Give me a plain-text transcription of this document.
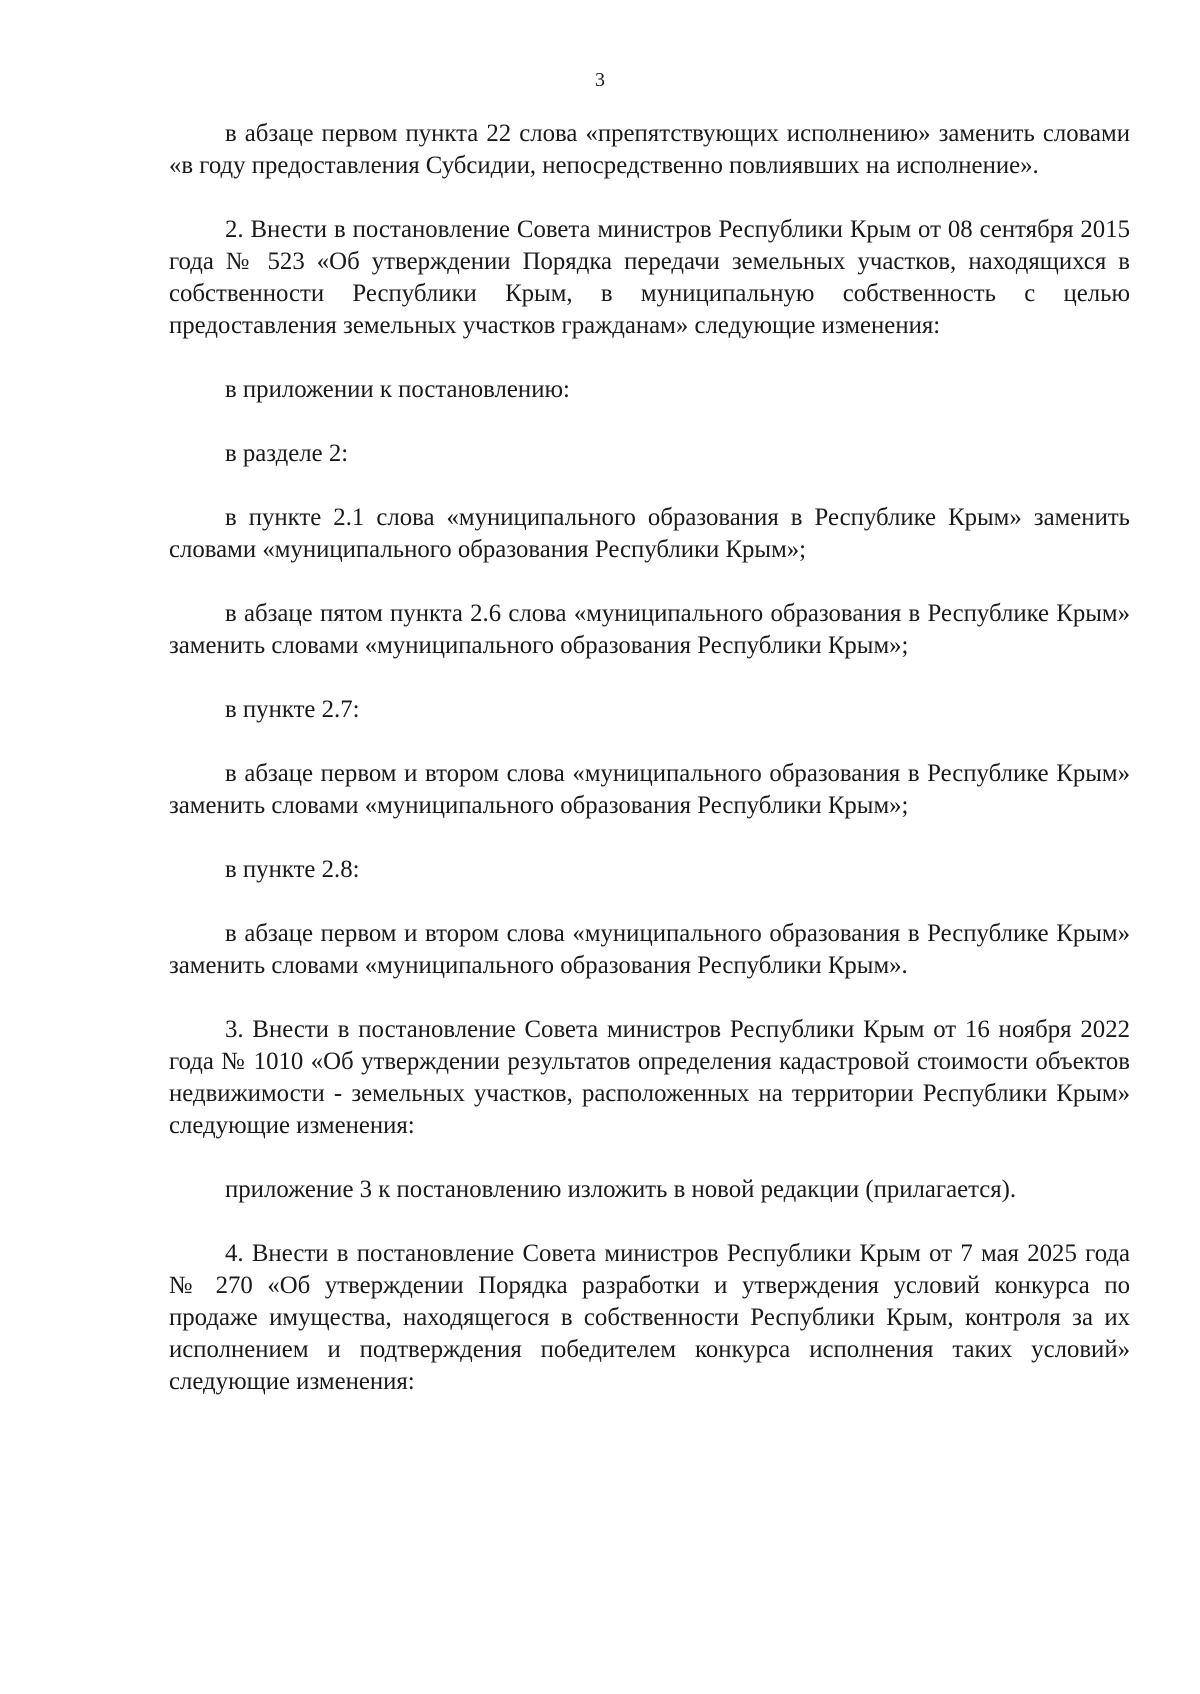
3

в абзаце первом пункта 22 слова «препятствующих исполнению» заменить словами «в году предоставления Субсидии, непосредственно повлиявших на исполнение».

2. Внести в постановление Совета министров Республики Крым от 08 сентября 2015 года № 523 «Об утверждении Порядка передачи земельных участков, находящихся в собственности Республики Крым, в муниципальную собственность с целью предоставления земельных участков гражданам» следующие изменения:

в приложении к постановлению:

в разделе 2:

в пункте 2.1 слова «муниципального образования в Республике Крым» заменить словами «муниципального образования Республики Крым»;

в абзаце пятом пункта 2.6 слова «муниципального образования в Республике Крым» заменить словами «муниципального образования Республики Крым»;

в пункте 2.7:

в абзаце первом и втором слова «муниципального образования в Республике Крым» заменить словами «муниципального образования Республики Крым»;

в пункте 2.8:

в абзаце первом и втором слова «муниципального образования в Республике Крым» заменить словами «муниципального образования Республики Крым».

3. Внести в постановление Совета министров Республики Крым от 16 ноября 2022 года № 1010 «Об утверждении результатов определения кадастровой стоимости объектов недвижимости - земельных участков, расположенных на территории Республики Крым» следующие изменения:

приложение 3 к постановлению изложить в новой редакции (прилагается).

4. Внести в постановление Совета министров Республики Крым от 7 мая 2025 года № 270 «Об утверждении Порядка разработки и утверждения условий конкурса по продаже имущества, находящегося в собственности Республики Крым, контроля за их исполнением и подтверждения победителем конкурса исполнения таких условий» следующие изменения:
